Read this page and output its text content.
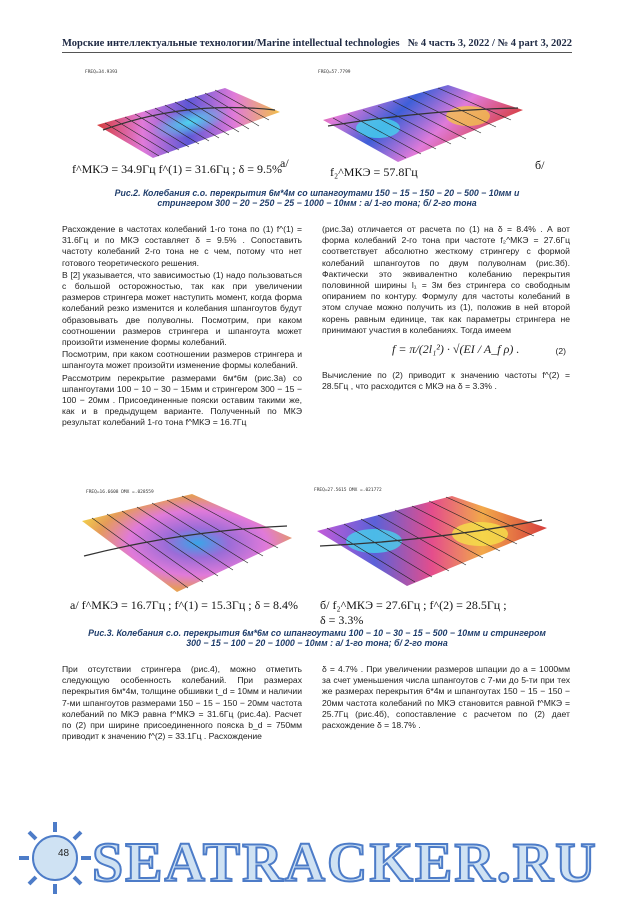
Морские интеллектуальные технологии/Marine intellectual technologies № 4 часть 3, 2022 / № 4 part 3, 2022
FREQ=34.9393
f^МКЭ = 34.9Гц f^(1) = 31.6Гц ; δ = 9.5%
а/
FREQ=57.7799
f₂^МКЭ = 57.8Гц	б/
Рис.2. Колебания с.о. перекрытия 6м*4м со шпангоутами 150 − 15 − 150 − 20 − 500 − 10мм и
стрингером 300 − 20 − 250 − 25 − 1000 − 10мм : а/ 1-го тона; б/ 2-го тона

Расхождение в частотах колебаний 1-го тона по (1) f^(1) = 31.6Гц и по МКЭ составляет δ = 9.5% . Сопоставить частоту колебаний 2-го тона не с чем, потому что нет готового теоретического решения.

В [2] указывается, что зависимостью (1) надо пользоваться с большой осторожностью, так как при увеличении размеров стрингера может наступить момент, когда форма колебаний резко изменится и колебания шпангоутов будут образовывать две полуволны. Посмотрим, при каком соотношении размеров стрингера и шпангоута может произойти изменение формы колебаний.

Посмотрим, при каком соотношении размеров стрингера и шпангоута может произойти изменение формы колебаний.

Рассмотрим перекрытие размерами 6м*6м (рис.3а) со шпангоутами 100 − 10 − 30 − 15мм и стрингером 300 − 15 − 100 − 20мм . Присоединенные пояски оставим такими же, как и в предыдущем варианте. Полученный по МКЭ результат колебаний 1-го тона f^МКЭ = 16.7Гц

(рис.3а) отличается от расчета по (1) на δ = 8.4% . А вот форма колебаний 2-го тона при частоте f₂^МКЭ = 27.6Гц соответствует абсолютно жесткому стрингеру с формой колебаний шпангоутов по двум полуволнам (рис.3б). Фактически это эквивалентно колебанию перекрытия половинной ширины l₁ = 3м без стрингера со свободным опиранием по контуру. Формулу для частоты колебаний в этом случае можно получить из (1), положив в ней второй корень равным единице, так как параметры стрингера не принимают участия в колебаниях. Тогда имеем

f = π/(2l₁²) · √(EI / A_f ρ) .	(2)

Вычисление по (2) приводит к значению частоты f^(2) = 28.5Гц , что расходится с МКЭ на δ = 3.3% .

FREQ=16.6608 DMX =.028559	FREQ=27.5615 DMX =.021772
а/ f^МКЭ = 16.7Гц ; f^(1) = 15.3Гц ; δ = 8.4% б/ f₂^МКЭ = 27.6Гц ; f^(2) = 28.5Гц ;
δ = 3.3%
Рис.3. Колебания с.о. перекрытия 6м*6м со шпангоутами 100 − 10 − 30 − 15 − 500 − 10мм и стрингером
300 − 15 − 100 − 20 − 1000 − 10мм : а/ 1-го тона; б/ 2-го тона

При отсутствии стрингера (рис.4), можно отметить следующую особенность колебаний. При размерах перекрытия 6м*4м, толщине обшивки t_d = 10мм и наличии 7-ми шпангоутов размерами 150 − 15 − 150 − 20мм частота колебаний по МКЭ равна f^МКЭ = 31.6Гц (рис.4а). Расчет по (2) при ширине присоединенного пояска b_d = 750мм приводит к значению f^(2) = 33.1Гц . Расхождение

δ = 4.7% . При увеличении размеров шпации до a = 1000мм за счет уменьшения числа шпангоутов с 7-ми до 5-ти при тех же размерах перекрытия 6*4м и шпангоутах 150 − 15 − 150 − 20мм частота колебаний по МКЭ становится равной f^МКЭ = 25.7Гц (рис.4б), сопоставление с расчетом по (2) дает расхождение δ = 18.7% .

48 SEATRACKER.RU
